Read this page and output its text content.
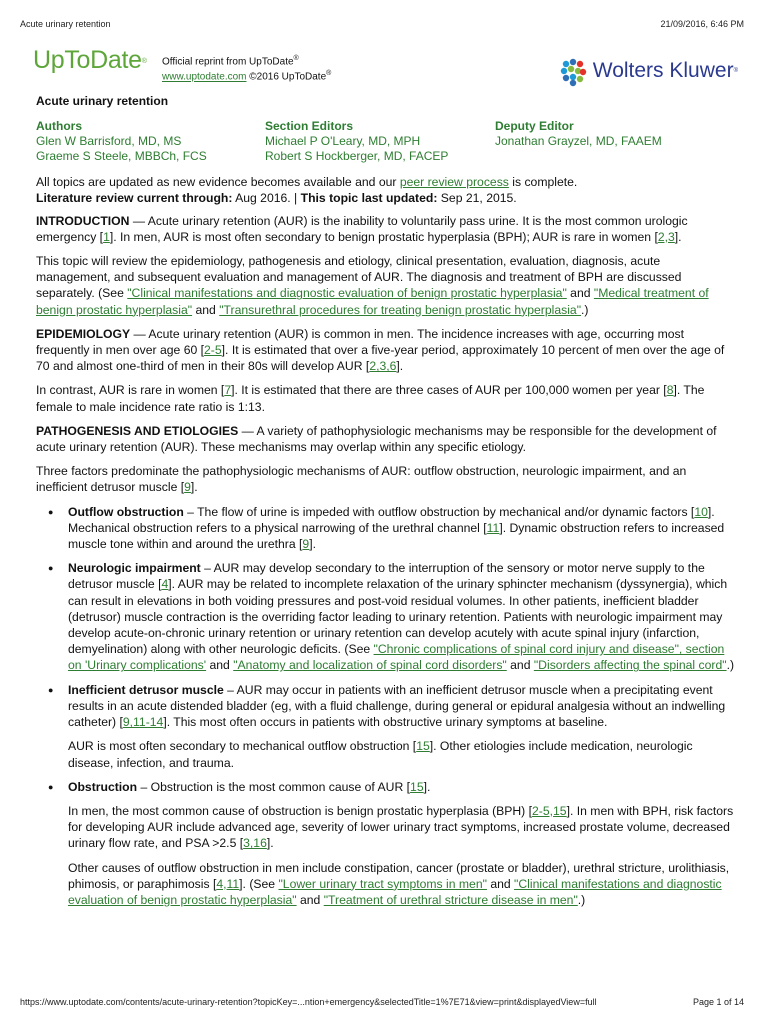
Acute urinary retention	21/09/2016, 6:46 PM
UpToDate® Official reprint from UpToDate®
www.uptodate.com ©2016 UpToDate®	Wolters Kluwer®
Acute urinary retention
Authors
Glen W Barrisford, MD, MS
Graeme S Steele, MBBCh, FCS
Section Editors
Michael P O'Leary, MD, MPH
Robert S Hockberger, MD, FACEP
Deputy Editor
Jonathan Grayzel, MD, FAAEM

All topics are updated as new evidence becomes available and our peer review process is complete.
Literature review current through: Aug 2016. | This topic last updated: Sep 21, 2015.

INTRODUCTION — Acute urinary retention (AUR) is the inability to voluntarily pass urine. It is the most common urologic emergency [1]. In men, AUR is most often secondary to benign prostatic hyperplasia (BPH); AUR is rare in women [2,3].

This topic will review the epidemiology, pathogenesis and etiology, clinical presentation, evaluation, diagnosis, acute management, and subsequent evaluation and management of AUR. The diagnosis and treatment of BPH are discussed separately. (See "Clinical manifestations and diagnostic evaluation of benign prostatic hyperplasia" and "Medical treatment of benign prostatic hyperplasia" and "Transurethral procedures for treating benign prostatic hyperplasia".)

EPIDEMIOLOGY — Acute urinary retention (AUR) is common in men. The incidence increases with age, occurring most frequently in men over age 60 [2-5]. It is estimated that over a five-year period, approximately 10 percent of men over the age of 70 and almost one-third of men in their 80s will develop AUR [2,3,6].

In contrast, AUR is rare in women [7]. It is estimated that there are three cases of AUR per 100,000 women per year [8]. The female to male incidence rate ratio is 1:13.

PATHOGENESIS AND ETIOLOGIES — A variety of pathophysiologic mechanisms may be responsible for the development of acute urinary retention (AUR). These mechanisms may overlap within any specific etiology.

Three factors predominate the pathophysiologic mechanisms of AUR: outflow obstruction, neurologic impairment, and an inefficient detrusor muscle [9].

● Outflow obstruction – The flow of urine is impeded with outflow obstruction by mechanical and/or dynamic factors [10]. Mechanical obstruction refers to a physical narrowing of the urethral channel [11]. Dynamic obstruction refers to increased muscle tone within and around the urethra [9].
● Neurologic impairment – AUR may develop secondary to the interruption of the sensory or motor nerve supply to the detrusor muscle [4]. AUR may be related to incomplete relaxation of the urinary sphincter mechanism (dyssynergia), which can result in elevations in both voiding pressures and post-void residual volumes. In other patients, inefficient bladder (detrusor) muscle contraction is the overriding factor leading to urinary retention. Patients with neurologic impairment may develop acute-on-chronic urinary retention or urinary retention can develop acutely with acute spinal injury (infarction, demyelination) along with other neurologic deficits. (See "Chronic complications of spinal cord injury and disease", section on 'Urinary complications' and "Anatomy and localization of spinal cord disorders" and "Disorders affecting the spinal cord".)
● Inefficient detrusor muscle – AUR may occur in patients with an inefficient detrusor muscle when a precipitating event results in an acute distended bladder (eg, with a fluid challenge, during general or epidural analgesia without an indwelling catheter) [9,11-14]. This most often occurs in patients with obstructive urinary symptoms at baseline.

AUR is most often secondary to mechanical outflow obstruction [15]. Other etiologies include medication, neurologic disease, infection, and trauma.

● Obstruction – Obstruction is the most common cause of AUR [15].

In men, the most common cause of obstruction is benign prostatic hyperplasia (BPH) [2-5,15]. In men with BPH, risk factors for developing AUR include advanced age, severity of lower urinary tract symptoms, increased prostate volume, decreased urinary flow rate, and PSA >2.5 [3,16].

Other causes of outflow obstruction in men include constipation, cancer (prostate or bladder), urethral stricture, urolithiasis, phimosis, or paraphimosis [4,11]. (See "Lower urinary tract symptoms in men" and "Clinical manifestations and diagnostic evaluation of benign prostatic hyperplasia" and "Treatment of urethral stricture disease in men".)

https://www.uptodate.com/contents/acute-urinary-retention?topicKey=...ntion+emergency&selectedTitle=1%7E71&view=print&displayedView=full	Page 1 of 14
